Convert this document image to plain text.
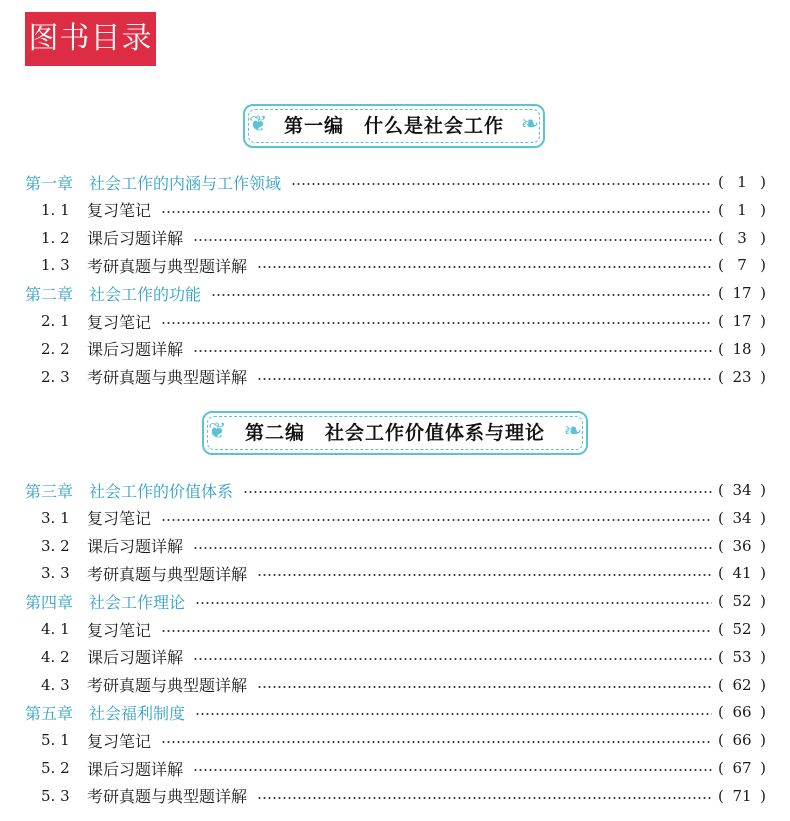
图书目录
❦	❧
第一编　什么是社会工作
第一章　社会工作的内涵与工作领域	( 1 )
1. 1	复习笔记	( 1 )
1. 2	课后习题详解	( 3 )
1. 3	考研真题与典型题详解	( 7 )
第二章　社会工作的功能	( 17 )
2. 1	复习笔记	( 17 )
2. 2	课后习题详解	( 18 )
2. 3	考研真题与典型题详解	( 23 )
❦	❧
第二编　社会工作价值体系与理论
第三章　社会工作的价值体系	( 34 )
3. 1	复习笔记	( 34 )
3. 2	课后习题详解	( 36 )
3. 3	考研真题与典型题详解	( 41 )
第四章　社会工作理论	( 52 )
4. 1	复习笔记	( 52 )
4. 2	课后习题详解	( 53 )
4. 3	考研真题与典型题详解	( 62 )
第五章　社会福利制度	( 66 )
5. 1	复习笔记	( 66 )
5. 2	课后习题详解	( 67 )
5. 3	考研真题与典型题详解	( 71 )
